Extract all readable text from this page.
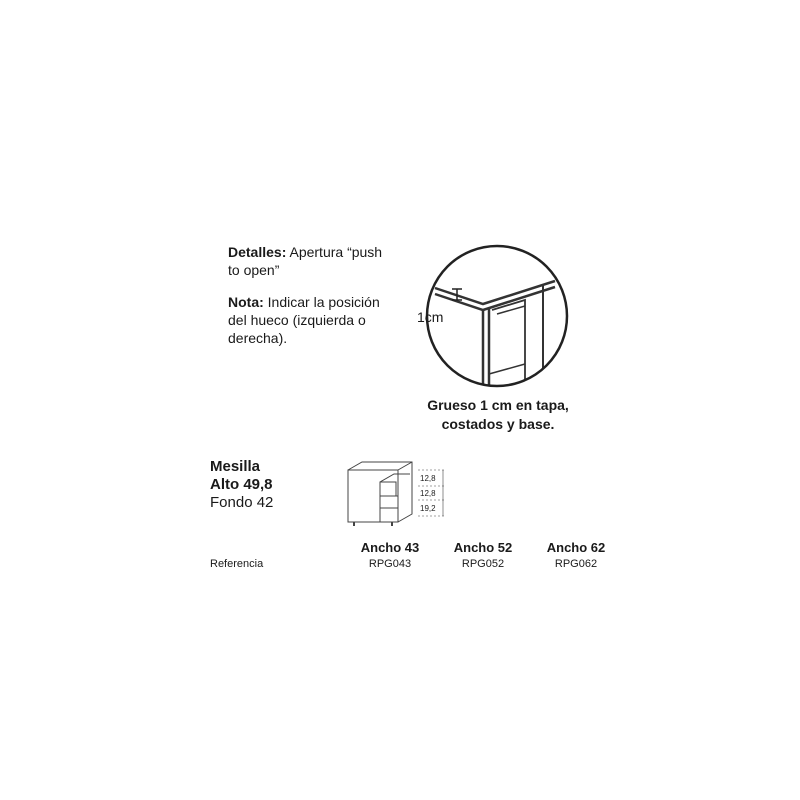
Detalles: Apertura “push to open”

Nota: Indicar la posición del hueco (izquierda o derecha).

1cm
Grueso 1 cm en tapa,
costados y base.
Mesilla
Alto 49,8
Fondo 42
12,8
12,8
19,2
Referencia
Ancho 43	Ancho 52	Ancho 62
RPG043	RPG052	RPG062
